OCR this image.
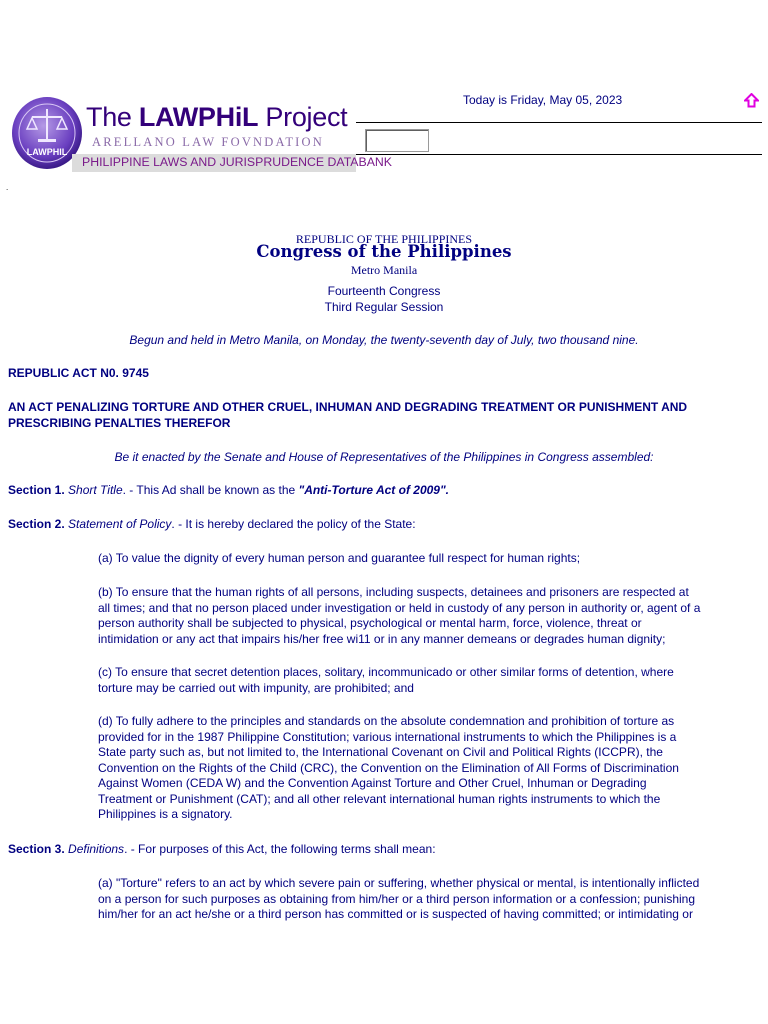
LAWPHIL
The LAWPHiL Project
ARELLANO LAW FOVNDATION
PHILIPPINE LAWS AND JURISPRUDENCE DATABANK
Today is Friday, May 05, 2023
.
REPUBLIC OF THE PHILIPPINES
Congress of the Philippines
Metro Manila
Fourteenth Congress
Third Regular Session
Begun and held in Metro Manila, on Monday, the twenty-seventh day of July, two thousand nine.
REPUBLIC ACT N0. 9745
AN ACT PENALIZING TORTURE AND OTHER CRUEL, INHUMAN AND DEGRADING TREATMENT OR PUNISHMENT AND
PRESCRIBING PENALTIES THEREFOR
Be it enacted by the Senate and House of Representatives of the Philippines in Congress assembled:
Section 1. Short Title. - This Ad shall be known as the "Anti-Torture Act of 2009".
Section 2. Statement of Policy. - It is hereby declared the policy of the State:
(a) To value the dignity of every human person and guarantee full respect for human rights;
(b) To ensure that the human rights of all persons, including suspects, detainees and prisoners are respected at
all times; and that no person placed under investigation or held in custody of any person in authority or, agent of a
person authority shall be subjected to physical, psychological or mental harm, force, violence, threat or
intimidation or any act that impairs his/her free wi11 or in any manner demeans or degrades human dignity;
(c) To ensure that secret detention places, solitary, incommunicado or other similar forms of detention, where
torture may be carried out with impunity, are prohibited; and
(d) To fully adhere to the principles and standards on the absolute condemnation and prohibition of torture as
provided for in the 1987 Philippine Constitution; various international instruments to which the Philippines is a
State party such as, but not limited to, the International Covenant on Civil and Political Rights (ICCPR), the
Convention on the Rights of the Child (CRC), the Convention on the Elimination of All Forms of Discrimination
Against Women (CEDA W) and the Convention Against Torture and Other Cruel, Inhuman or Degrading
Treatment or Punishment (CAT); and all other relevant international human rights instruments to which the
Philippines is a signatory.
Section 3. Definitions. - For purposes of this Act, the following terms shall mean:
(a) "Torture" refers to an act by which severe pain or suffering, whether physical or mental, is intentionally inflicted
on a person for such purposes as obtaining from him/her or a third person information or a confession; punishing
him/her for an act he/she or a third person has committed or is suspected of having committed; or intimidating or
